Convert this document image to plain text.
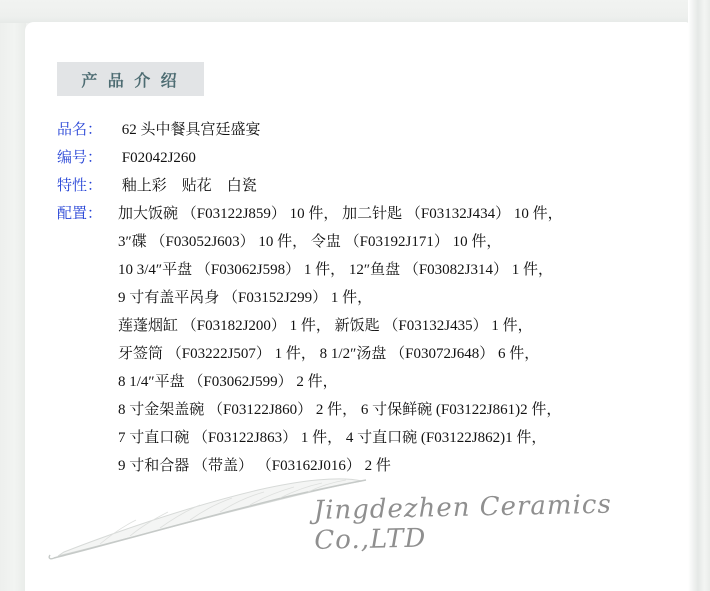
产 品 介 绍
品名： 62 头中餐具宫廷盛宴
编号： F02042J260
特性： 釉上彩　贴花　白瓷
配置：	加大饭碗 （F03122J859） 10 件， 加二针匙 （F03132J434） 10 件，
3″碟 （F03052J603） 10 件， 令盅 （F03192J171） 10 件，
10 3/4″平盘 （F03062J598） 1 件， 12″鱼盘 （F03082J314） 1 件，
9 寸有盖平呙身 （F03152J299） 1 件，
莲蓬烟缸 （F03182J200） 1 件， 新饭匙 （F03132J435） 1 件，
牙签筒 （F03222J507） 1 件， 8 1/2″汤盘 （F03072J648） 6 件，
8 1/4″平盘 （F03062J599） 2 件，
8 寸金架盖碗 （F03122J860） 2 件， 6 寸保鲜碗 (F03122J861)2 件，
7 寸直口碗 （F03122J863） 1 件， 4 寸直口碗 (F03122J862)1 件，
9 寸和合器 （带盖） （F03162J016） 2 件
Jingdezhen Ceramics Co.,LTD
